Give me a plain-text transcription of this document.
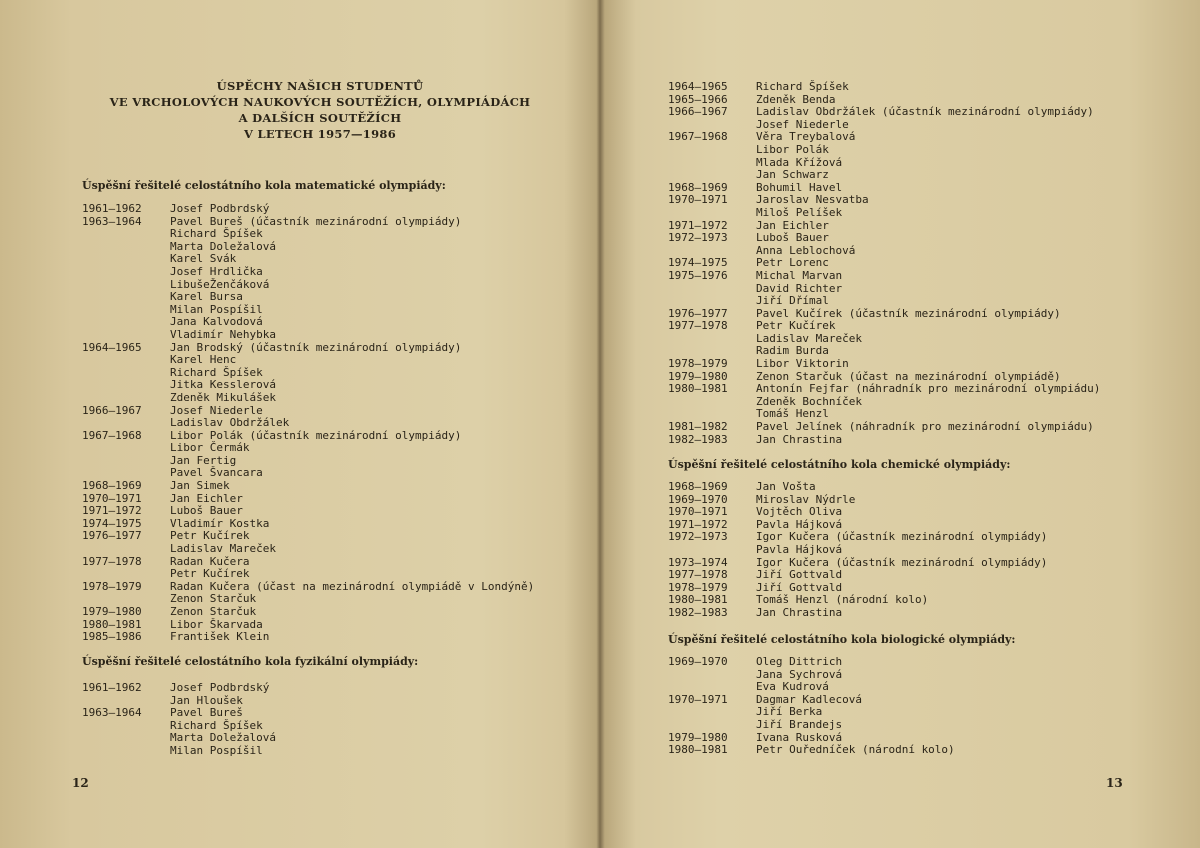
ÚSPĚCHY NAŠICH STUDENTŮ
VE VRCHOLOVÝCH NAUKOVÝCH SOUTĚŽÍCH, OLYMPIÁDÁCH
A DALŠÍCH SOUTĚŽÍCH
V LETECH 1957—1986
Úspěšní řešitelé celostátního kola matematické olympiády:
1961—1962	Josef Podbrdský
1963—1964	Pavel Bureš (účastník mezinárodní olympiády)
Richard Špíšek
Marta Doležalová
Karel Svák
Josef Hrdlička
LibušeŽenčáková
Karel Bursa
Milan Pospíšil
Jana Kalvodová
Vladimír Nehybka
1964—1965	Jan Brodský (účastník mezinárodní olympiády)
Karel Henc
Richard Špíšek
Jitka Kesslerová
Zdeněk Mikulášek
1966—1967	Josef Niederle
Ladislav Obdržálek
1967—1968	Libor Polák (účastník mezinárodní olympiády)
Libor Čermák
Jan Fertig
Pavel Švancara
1968—1969	Jan Simek
1970—1971	Jan Eichler
1971—1972	Luboš Bauer
1974—1975	Vladimír Kostka
1976—1977	Petr Kučírek
Ladislav Mareček
1977—1978	Radan Kučera
Petr Kučírek
1978—1979	Radan Kučera (účast na mezinárodní olympiádě v Londýně)
Zenon Starčuk
1979—1980	Zenon Starčuk
1980—1981	Libor Škarvada
1985—1986	František Klein
Úspěšní řešitelé celostátního kola fyzikální olympiády:
1961—1962	Josef Podbrdský
Jan Hloušek
1963—1964	Pavel Bureš
Richard Špíšek
Marta Doležalová
Milan Pospíšil
12
1964—1965	Richard Špíšek
1965—1966	Zdeněk Benda
1966—1967	Ladislav Obdržálek (účastník mezinárodní olympiády)
Josef Niederle
1967—1968	Věra Treybalová
Libor Polák
Mlada Křížová
Jan Schwarz
1968—1969	Bohumil Havel
1970—1971	Jaroslav Nesvatba
Miloš Pelíšek
1971—1972	Jan Eichler
1972—1973	Luboš Bauer
Anna Leblochová
1974—1975	Petr Lorenc
1975—1976	Michal Marvan
David Richter
Jiří Dřímal
1976—1977	Pavel Kučírek (účastník mezinárodní olympiády)
1977—1978	Petr Kučírek
Ladislav Mareček
Radim Burda
1978—1979	Libor Viktorin
1979—1980	Zenon Starčuk (účast na mezinárodní olympiádě)
1980—1981	Antonín Fejfar (náhradník pro mezinárodní olympiádu)
Zdeněk Bochníček
Tomáš Henzl
1981—1982	Pavel Jelínek (náhradník pro mezinárodní olympiádu)
1982—1983	Jan Chrastina
Úspěšní řešitelé celostátního kola chemické olympiády:
1968—1969	Jan Vošta
1969—1970	Miroslav Nýdrle
1970—1971	Vojtěch Oliva
1971—1972	Pavla Hájková
1972—1973	Igor Kučera (účastník mezinárodní olympiády)
Pavla Hájková
1973—1974	Igor Kučera (účastník mezinárodní olympiády)
1977—1978	Jiří Gottvald
1978—1979	Jiří Gottvald
1980—1981	Tomáš Henzl (národní kolo)
1982—1983	Jan Chrastina
Úspěšní řešitelé celostátního kola biologické olympiády:
1969—1970	Oleg Dittrich
Jana Sychrová
Eva Kudrová
1970—1971	Dagmar Kadlecová
Jiří Berka
Jiří Brandejs
1979—1980	Ivana Rusková
1980—1981	Petr Ouředníček (národní kolo)
13
